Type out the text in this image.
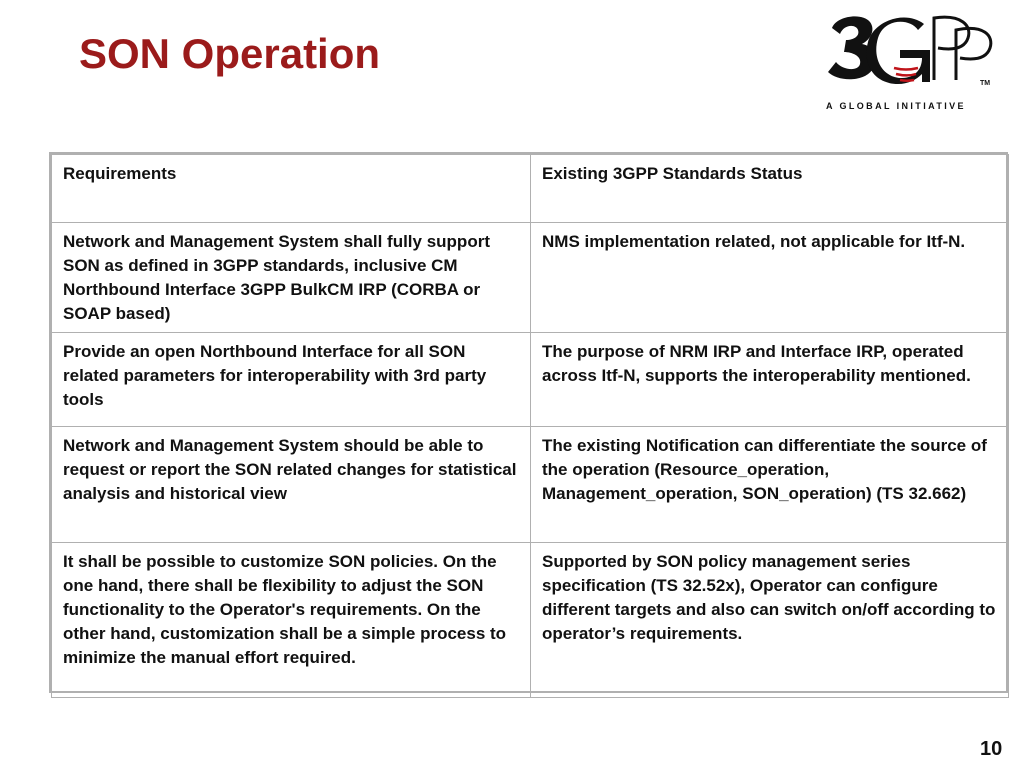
SON Operation
TM
A GLOBAL INITIATIVE
Requirements	Existing 3GPP Standards Status
Network and Management System shall fully support SON as defined in 3GPP standards, inclusive CM Northbound Interface 3GPP BulkCM IRP (CORBA or SOAP based)	NMS implementation related, not applicable for Itf-N.
Provide an open Northbound Interface for all SON related parameters for interoperability with 3rd party tools	The purpose of NRM IRP and Interface IRP, operated across Itf-N, supports the interoperability mentioned.
Network and Management System should be able to request or report the SON related changes for statistical analysis and historical view	The existing Notification can differentiate the source of the operation (Resource_operation, Management_operation, SON_operation) (TS 32.662)
It shall be possible to customize SON policies. On the one hand, there shall be flexibility to adjust the SON functionality to the Operator's requirements. On the other hand, customization shall be a simple process to minimize the manual effort required.	Supported by SON policy management series specification (TS 32.52x), Operator can configure different targets and also can switch on/off according to operator’s requirements.
10
